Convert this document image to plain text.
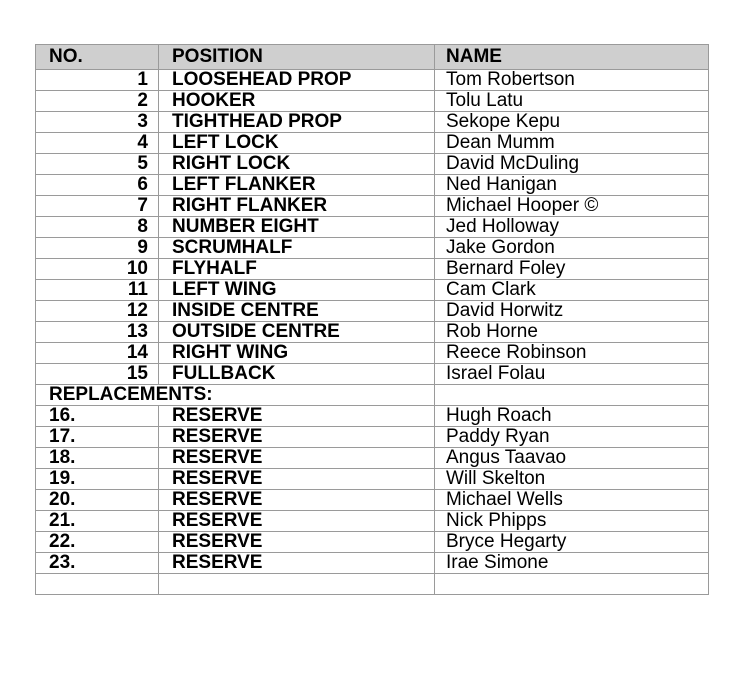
NO.	POSITION	NAME
1	LOOSEHEAD PROP	Tom Robertson
2	HOOKER	Tolu Latu
3	TIGHTHEAD PROP	Sekope Kepu
4	LEFT LOCK	Dean Mumm
5	RIGHT LOCK	David McDuling
6	LEFT FLANKER	Ned Hanigan
7	RIGHT FLANKER	Michael Hooper ©
8	NUMBER EIGHT	Jed Holloway
9	SCRUMHALF	Jake Gordon
10	FLYHALF	Bernard Foley
11	LEFT WING	Cam Clark
12	INSIDE CENTRE	David Horwitz
13	OUTSIDE CENTRE	Rob Horne
14	RIGHT WING	Reece Robinson
15	FULLBACK	Israel Folau
REPLACEMENTS:		
16.	RESERVE	Hugh Roach
17.	RESERVE	Paddy Ryan
18.	RESERVE	Angus Taavao
19.	RESERVE	Will Skelton
20.	RESERVE	Michael Wells
21.	RESERVE	Nick Phipps
22.	RESERVE	Bryce Hegarty
23.	RESERVE	Irae Simone
